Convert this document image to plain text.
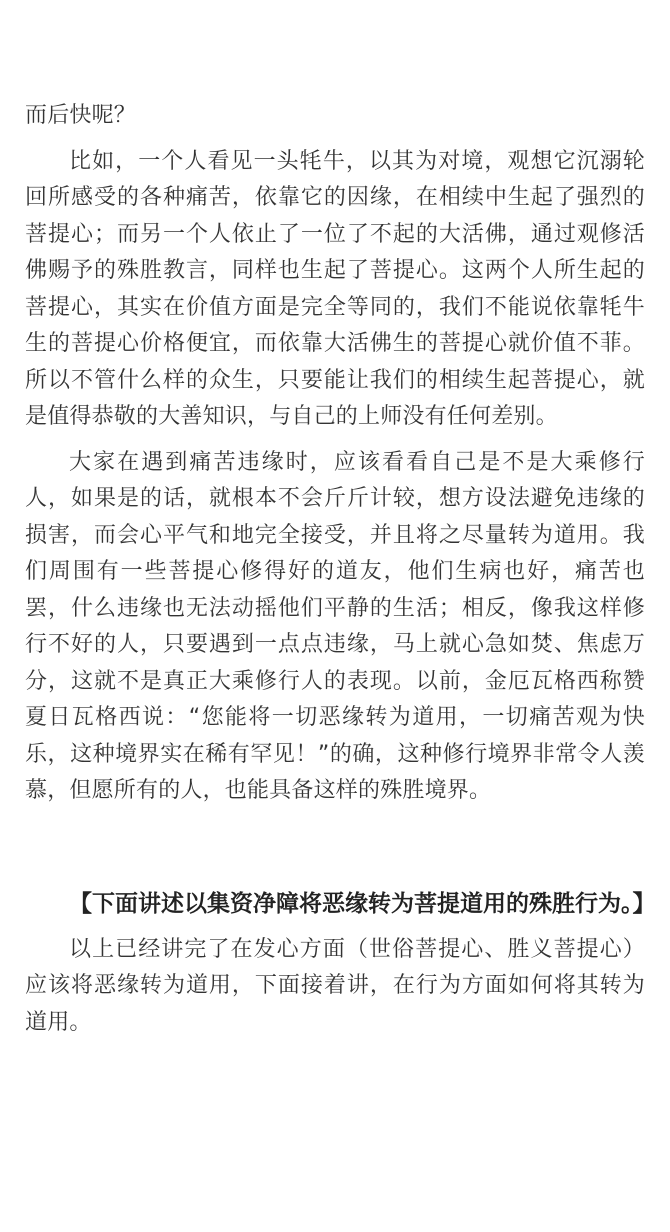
而后快呢？

比如，一个人看见一头牦牛，以其为对境，观想它沉溺轮回所感受的各种痛苦，依靠它的因缘，在相续中生起了强烈的菩提心；而另一个人依止了一位了不起的大活佛，通过观修活佛赐予的殊胜教言，同样也生起了菩提心。这两个人所生起的菩提心，其实在价值方面是完全等同的，我们不能说依靠牦牛生的菩提心价格便宜，而依靠大活佛生的菩提心就价值不菲。所以不管什么样的众生，只要能让我们的相续生起菩提心，就是值得恭敬的大善知识，与自己的上师没有任何差别。

大家在遇到痛苦违缘时，应该看看自己是不是大乘修行人，如果是的话，就根本不会斤斤计较，想方设法避免违缘的损害，而会心平气和地完全接受，并且将之尽量转为道用。我们周围有一些菩提心修得好的道友，他们生病也好，痛苦也罢，什么违缘也无法动摇他们平静的生活；相反，像我这样修行不好的人，只要遇到一点点违缘，马上就心急如焚、焦虑万分，这就不是真正大乘修行人的表现。以前，金厄瓦格西称赞夏日瓦格西说：“您能将一切恶缘转为道用，一切痛苦观为快乐，这种境界实在稀有罕见！”的确，这种修行境界非常令人羡慕，但愿所有的人，也能具备这样的殊胜境界。

【下面讲述以集资净障将恶缘转为菩提道用的殊胜行为。】

以上已经讲完了在发心方面（世俗菩提心、胜义菩提心）应该将恶缘转为道用，下面接着讲，在行为方面如何将其转为道用。
